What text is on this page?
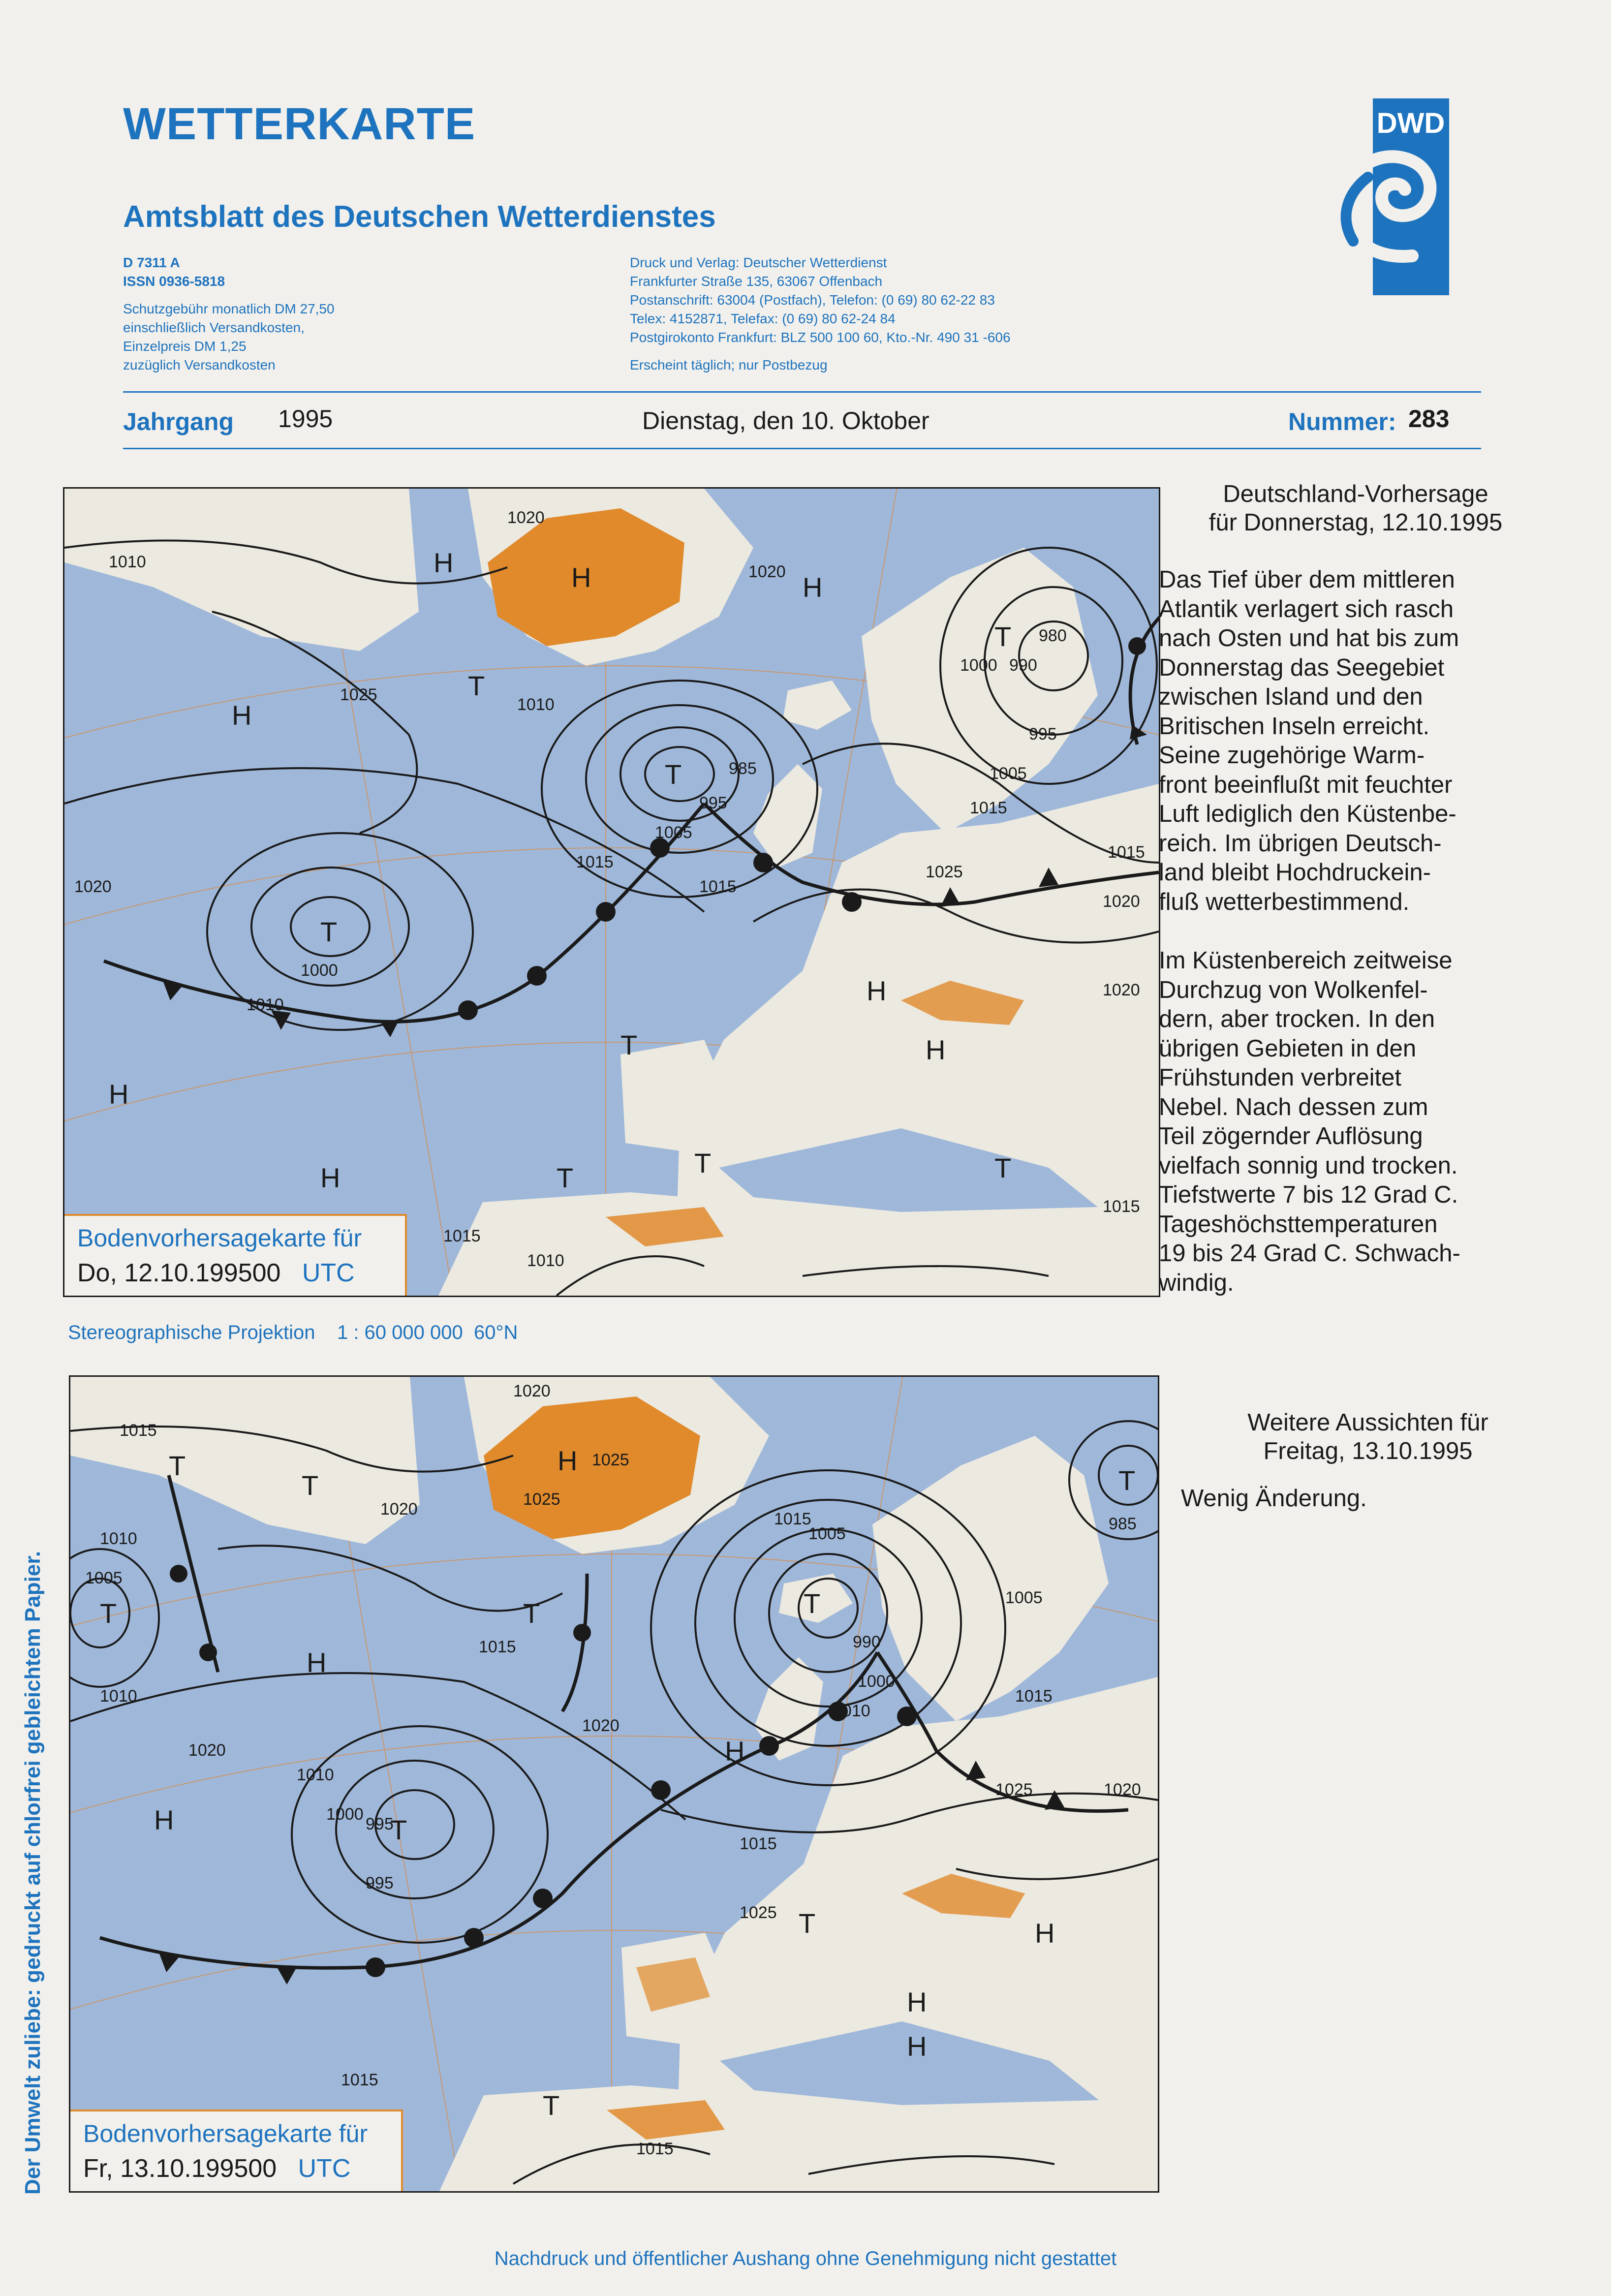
WETTERKARTE
Amtsblatt des Deutschen Wetterdienstes
D 7311 A
ISSN 0936-5818
Schutzgebühr monatlich DM 27,50
einschließlich Versandkosten,
Einzelpreis DM 1,25
zuzüglich Versandkosten
Druck und Verlag: Deutscher Wetterdienst
Frankfurter Straße 135, 63067 Offenbach
Postanschrift: 63004 (Postfach), Telefon: (0 69) 80 62-22 83
Telex: 4152871, Telefax: (0 69) 80 62-24 84
Postgirokonto Frankfurt: BLZ 500 100 60, Kto.-Nr. 490 31 -606
Erscheint täglich; nur Postbezug
DWD
Jahrgang 1995	Dienstag, den 10. Oktober	Nummer: 283
1020
1020
1010
1025
1010
985
995
1005
1015
1015
1000
1010
1020
1000 990
980
995
1005
1015
1025
1020
1015
1020
1015
1010
1015
H	H
H
H
T
T
T
H
T
H
T	T	T
H
T
H
Bodenvorhersagekarte für
Do, 12.10.199500 UTC
Stereographische Projektion    1 : 60 000 000  60°N
1020
1015
1010
1005
1010
1020
1020
1025
1025
1015
1015
1005
990
1000
1010
1020
1015
1025
1005
995
985
1015
1025	1020
1000
995
1010
1015
1015
T
T
H
T	T
H
H	T
T
H
H
T
H
H
T
T
Bodenvorhersagekarte für
Fr, 13.10.199500 UTC
Deutschland-Vorhersage
für Donnerstag, 12.10.1995
Das Tief über dem mittleren
Atlantik verlagert sich rasch
nach Osten und hat bis zum
Donnerstag das Seegebiet
zwischen Island und den
Britischen Inseln erreicht.
Seine zugehörige Warm-
front beeinflußt mit feuchter
Luft lediglich den Küstenbe-
reich. Im übrigen Deutsch-
land bleibt Hochdruckein-
fluß wetterbestimmend.
Im Küstenbereich zeitweise
Durchzug von Wolkenfel-
dern, aber trocken. In den
übrigen Gebieten in den
Frühstunden verbreitet
Nebel. Nach dessen zum
Teil zögernder Auflösung
vielfach sonnig und trocken.
Tiefstwerte 7 bis 12 Grad C.
Tageshöchsttemperaturen
19 bis 24 Grad C. Schwach-
windig.
Weitere Aussichten für
Freitag, 13.10.1995
Wenig Änderung.
Der Umwelt zuliebe: gedruckt auf chlorfrei gebleichtem Papier.
Nachdruck und öffentlicher Aushang ohne Genehmigung nicht gestattet
